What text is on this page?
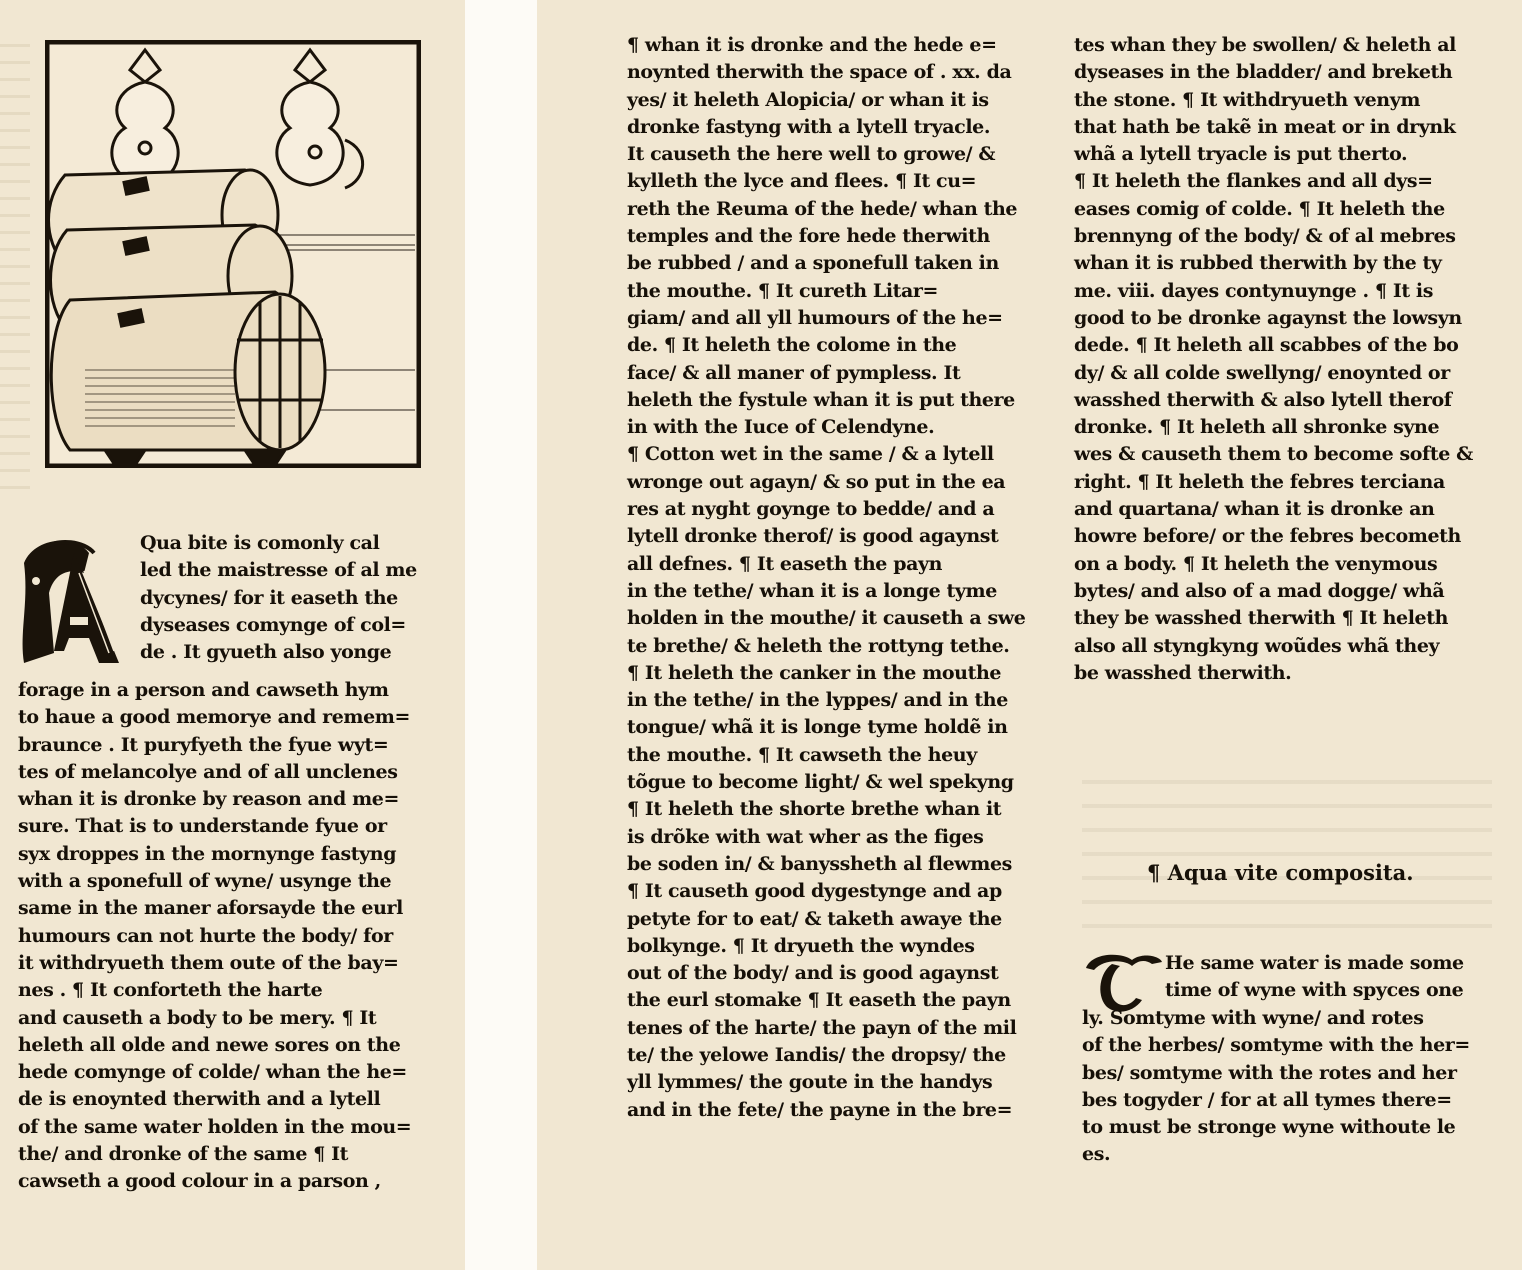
Qua bite is comonly cal
led the maistresse of al me
dycynes/ for it easeth the
dyseases comynge of col=
de . It gyueth also yonge
forage in a person and cawseth hym
to haue a good memorye and remem=
braunce . It puryfyeth the fyue wyt=
tes of melancolye and of all unclenes
whan it is dronke by reason and me=
sure. That is to understande fyue or
syx droppes in the mornynge fastyng
with a sponefull of wyne/ usynge the
same in the maner aforsayde the eurl
humours can not hurte the body/ for
it withdryueth them oute of the bay=
nes . ¶ It conforteth the harte
and causeth a body to be mery. ¶ It
heleth all olde and newe sores on the
hede comynge of colde/ whan the he=
de is enoynted therwith and a lytell
of the same water holden in the mou=
the/ and dronke of the same ¶ It
cawseth a good colour in a parson ,
¶ whan it is dronke and the hede e=
noynted therwith the space of . xx. da
yes/ it heleth Alopicia/ or whan it is
dronke fastyng with a lytell tryacle.
It causeth the here well to growe/ &
kylleth the lyce and flees. ¶ It cu=
reth the Reuma of the hede/ whan the
temples and the fore hede therwith
be rubbed / and a sponefull taken in
the mouthe. ¶ It cureth Litar=
giam/ and all yll humours of the he=
de. ¶ It heleth the colome in the
face/ & all maner of pympless. It
heleth the fystule whan it is put there
in with the Iuce of Celendyne.
¶ Cotton wet in the same / & a lytell
wronge out agayn/ & so put in the ea
res at nyght goynge to bedde/ and a
lytell dronke therof/ is good agaynst
all defnes. ¶ It easeth the payn
in the tethe/ whan it is a longe tyme
holden in the mouthe/ it causeth a swe
te brethe/ & heleth the rottyng tethe.
¶ It heleth the canker in the mouthe
in the tethe/ in the lyppes/ and in the
tongue/ whã it is longe tyme holdẽ in
the mouthe. ¶ It cawseth the heuy
tõgue to become light/ & wel spekyng
¶ It heleth the shorte brethe whan it
is drõke with wat wher as the figes
be soden in/ & banyssheth al flewmes
¶ It causeth good dygestynge and ap
petyte for to eat/ & taketh awaye the
bolkynge. ¶ It dryueth the wyndes
out of the body/ and is good agaynst
the eurl stomake ¶ It easeth the payn
tenes of the harte/ the payn of the mil
te/ the yelowe Iandis/ the dropsy/ the
yll lymmes/ the goute in the handys
and in the fete/ the payne in the bre=
tes whan they be swollen/ & heleth al
dyseases in the bladder/ and breketh
the stone. ¶ It withdryueth venym
that hath be takẽ in meat or in drynk
whã a lytell tryacle is put therto.
¶ It heleth the flankes and all dys=
eases comig of colde. ¶ It heleth the
brennyng of the body/ & of al mebres
whan it is rubbed therwith by the ty
me. viii. dayes contynuynge . ¶ It is
good to be dronke agaynst the lowsyn
dede. ¶ It heleth all scabbes of the bo
dy/ & all colde swellyng/ enoynted or
wasshed therwith & also lytell therof
dronke. ¶ It heleth all shronke syne
wes & causeth them to become softe &
right. ¶ It heleth the febres terciana
and quartana/ whan it is dronke an
howre before/ or the febres becometh
on a body. ¶ It heleth the venymous
bytes/ and also of a mad dogge/ whã
they be wasshed therwith ¶ It heleth
also all styngkyng woũdes whã they
be wasshed therwith.
¶ Aqua vite composita.
He same water is made some
time of wyne with spyces one
ly. Somtyme with wyne/ and rotes
of the herbes/ somtyme with the her=
bes/ somtyme with the rotes and her
bes togyder / for at all tymes there=
to must be stronge wyne withoute le
es.
